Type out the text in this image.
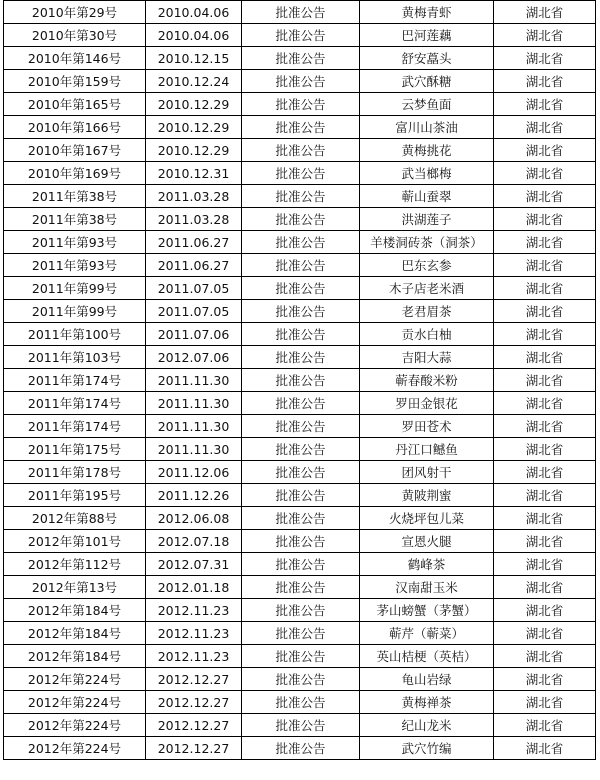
2010年第29号	2010.04.06	批准公告	黄梅青虾	湖北省
2010年第30号	2010.04.06	批准公告	巴河莲藕	湖北省
2010年第146号	2010.12.15	批准公告	舒安藠头	湖北省
2010年第159号	2010.12.24	批准公告	武穴酥糖	湖北省
2010年第165号	2010.12.29	批准公告	云梦鱼面	湖北省
2010年第166号	2010.12.29	批准公告	富川山茶油	湖北省
2010年第167号	2010.12.29	批准公告	黄梅挑花	湖北省
2010年第169号	2010.12.31	批准公告	武当榔梅	湖北省
2011年第38号	2011.03.28	批准公告	蕲山蚕翠	湖北省
2011年第38号	2011.03.28	批准公告	洪湖莲子	湖北省
2011年第93号	2011.06.27	批准公告	羊楼洞砖茶（洞茶）	湖北省
2011年第93号	2011.06.27	批准公告	巴东玄参	湖北省
2011年第99号	2011.07.05	批准公告	木子店老米酒	湖北省
2011年第99号	2011.07.05	批准公告	老君眉茶	湖北省
2011年第100号	2011.07.06	批准公告	贡水白柚	湖北省
2011年第103号	2012.07.06	批准公告	吉阳大蒜	湖北省
2011年第174号	2011.11.30	批准公告	蕲春酸米粉	湖北省
2011年第174号	2011.11.30	批准公告	罗田金银花	湖北省
2011年第174号	2011.11.30	批准公告	罗田苍术	湖北省
2011年第175号	2011.11.30	批准公告	丹江口鳡鱼	湖北省
2011年第178号	2011.12.06	批准公告	团风射干	湖北省
2011年第195号	2011.12.26	批准公告	黄陂荆蜜	湖北省
2012年第88号	2012.06.08	批准公告	火烧坪包儿菜	湖北省
2012年第101号	2012.07.18	批准公告	宣恩火腿	湖北省
2012年第112号	2012.07.31	批准公告	鹤峰茶	湖北省
2012年第13号	2012.01.18	批准公告	汉南甜玉米	湖北省
2012年第184号	2012.11.23	批准公告	茅山螃蟹（茅蟹）	湖北省
2012年第184号	2012.11.23	批准公告	蕲芹（蕲菜）	湖北省
2012年第184号	2012.11.23	批准公告	英山桔梗（英桔）	湖北省
2012年第224号	2012.12.27	批准公告	龟山岩绿	湖北省
2012年第224号	2012.12.27	批准公告	黄梅禅茶	湖北省
2012年第224号	2012.12.27	批准公告	纪山龙米	湖北省
2012年第224号	2012.12.27	批准公告	武穴竹编	湖北省
